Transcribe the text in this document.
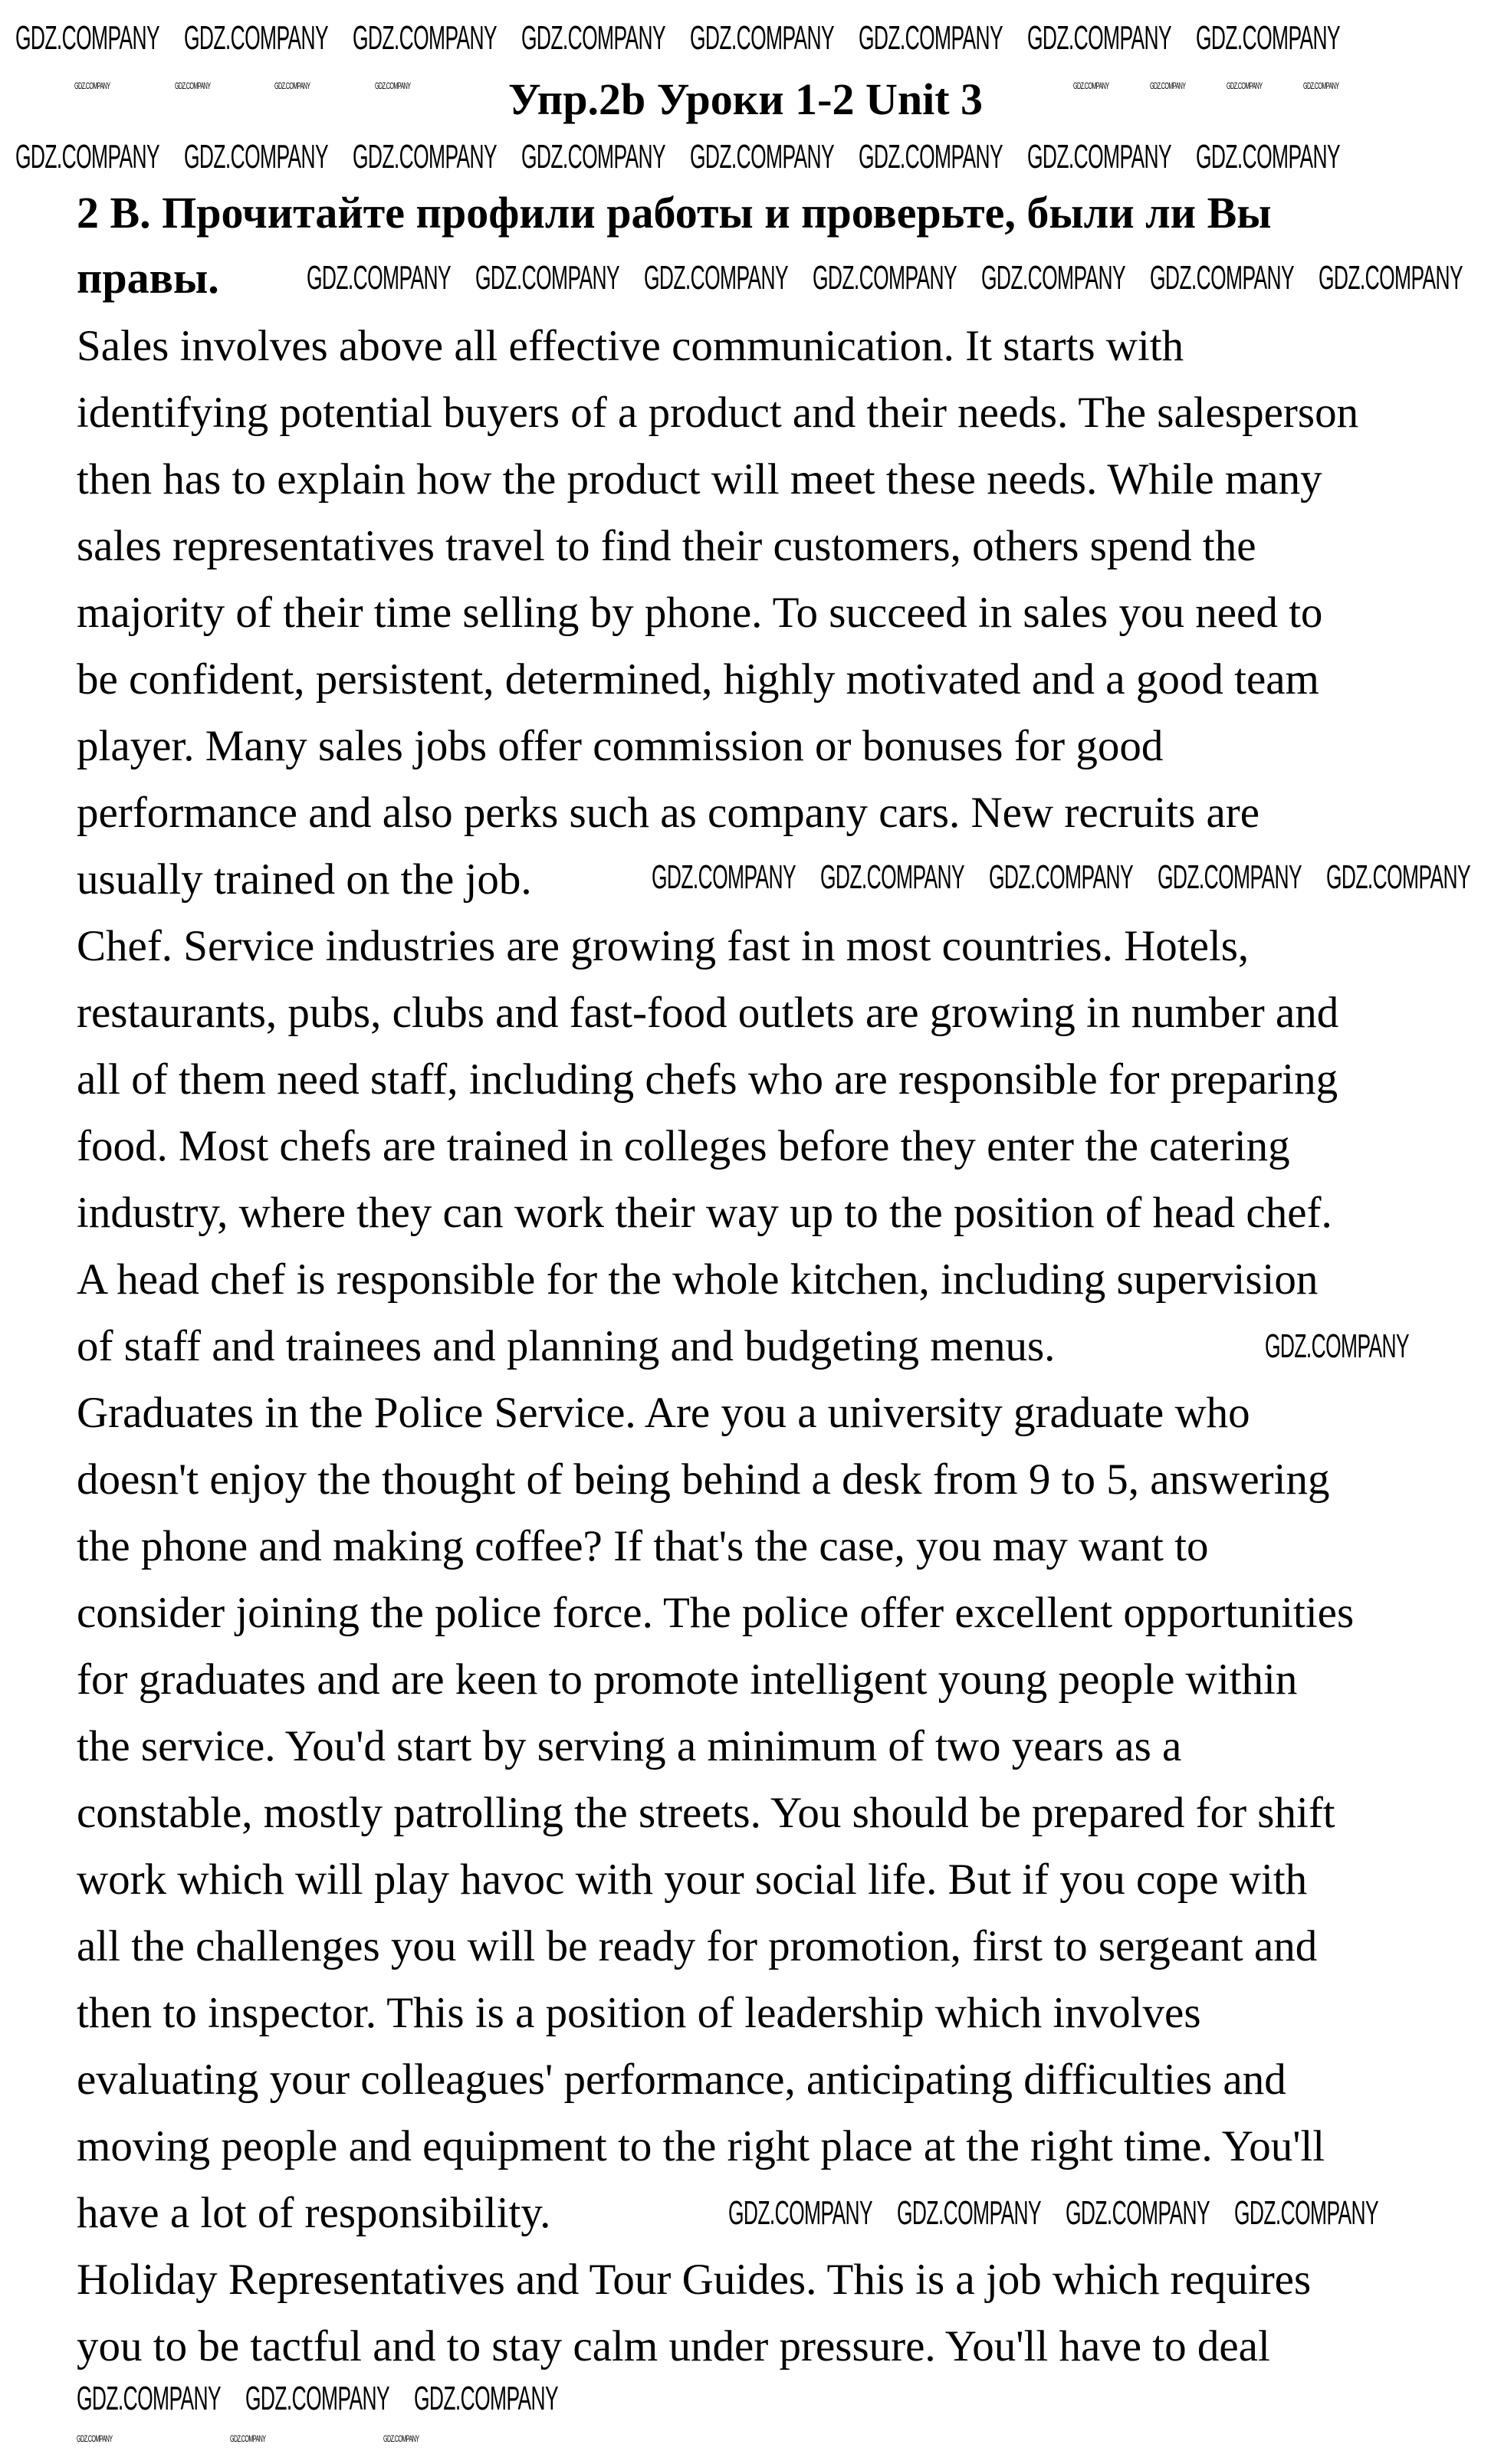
Упр.2b Уроки 1-2 Unit 3
2 B. Прочитайте профили работы и проверьте, были ли Вы
правы.
Sales involves above all effective communication. It starts with
identifying potential buyers of a product and their needs. The salesperson
then has to explain how the product will meet these needs. While many
sales representatives travel to find their customers, others spend the
majority of their time selling by phone. To succeed in sales you need to
be confident, persistent, determined, highly motivated and a good team
player. Many sales jobs offer commission or bonuses for good
performance and also perks such as company cars. New recruits are
usually trained on the job.
Chef. Service industries are growing fast in most countries. Hotels,
restaurants, pubs, clubs and fast-food outlets are growing in number and
all of them need staff, including chefs who are responsible for preparing
food. Most chefs are trained in colleges before they enter the catering
industry, where they can work their way up to the position of head chef.
A head chef is responsible for the whole kitchen, including supervision
of staff and trainees and planning and budgeting menus.
Graduates in the Police Service. Are you a university graduate who
doesn't enjoy the thought of being behind a desk from 9 to 5, answering
the phone and making coffee? If that's the case, you may want to
consider joining the police force. The police offer excellent opportunities
for graduates and are keen to promote intelligent young people within
the service. You'd start by serving a minimum of two years as a
constable, mostly patrolling the streets. You should be prepared for shift
work which will play havoc with your social life. But if you cope with
all the challenges you will be ready for promotion, first to sergeant and
then to inspector. This is a position of leadership which involves
evaluating your colleagues' performance, anticipating difficulties and
moving people and equipment to the right place at the right time. You'll
have a lot of responsibility.
Holiday Representatives and Tour Guides. This is a job which requires
you to be tactful and to stay calm under pressure. You'll have to deal
GDZ.COMPANY GDZ.COMPANY GDZ.COMPANY GDZ.COMPANY GDZ.COMPANY GDZ.COMPANY GDZ.COMPANY GDZ.COMPANY
GDZ.COMPANY GDZ.COMPANY GDZ.COMPANY GDZ.COMPANY GDZ.COMPANY GDZ.COMPANY GDZ.COMPANY GDZ.COMPANY
GDZ.COMPANY GDZ.COMPANY GDZ.COMPANY GDZ.COMPANY GDZ.COMPANY GDZ.COMPANY GDZ.COMPANY
GDZ.COMPANY GDZ.COMPANY GDZ.COMPANY GDZ.COMPANY GDZ.COMPANY
GDZ.COMPANY
GDZ.COMPANY GDZ.COMPANY GDZ.COMPANY GDZ.COMPANY
GDZ.COMPANY GDZ.COMPANY GDZ.COMPANY
GDZ.COMPANY	GDZ.COMPANY	GDZ.COMPANY	GDZ.COMPANY	GDZ.COMPANY	GDZ.COMPANY	GDZ.COMPANY	GDZ.COMPANY
GDZ.COMPANY	GDZ.COMPANY	GDZ.COMPANY
